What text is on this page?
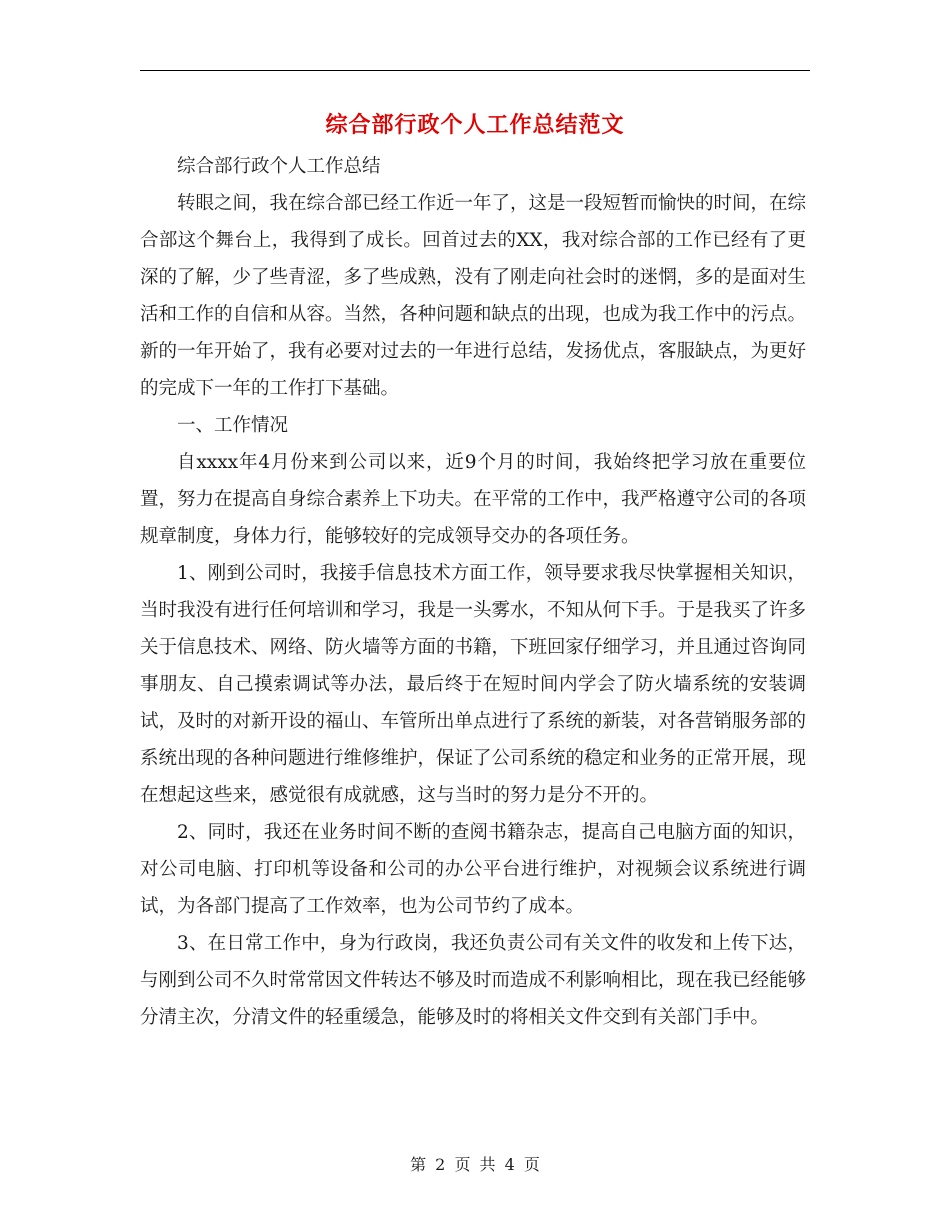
综合部行政个人工作总结范文

综合部行政个人工作总结

转眼之间，我在综合部已经工作近一年了，这是一段短暂而愉快的时间，在综合部这个舞台上，我得到了成长。回首过去的XX，我对综合部的工作已经有了更深的了解，少了些青涩，多了些成熟，没有了刚走向社会时的迷惘，多的是面对生活和工作的自信和从容。当然，各种问题和缺点的出现，也成为我工作中的污点。新的一年开始了，我有必要对过去的一年进行总结，发扬优点，客服缺点，为更好的完成下一年的工作打下基础。

一、工作情况

自xxxx年4月份来到公司以来，近9个月的时间，我始终把学习放在重要位置，努力在提高自身综合素养上下功夫。在平常的工作中，我严格遵守公司的各项规章制度，身体力行，能够较好的完成领导交办的各项任务。

1、刚到公司时，我接手信息技术方面工作，领导要求我尽快掌握相关知识，当时我没有进行任何培训和学习，我是一头雾水，不知从何下手。于是我买了许多关于信息技术、网络、防火墙等方面的书籍，下班回家仔细学习，并且通过咨询同事朋友、自己摸索调试等办法，最后终于在短时间内学会了防火墙系统的安装调试，及时的对新开设的福山、车管所出单点进行了系统的新装，对各营销服务部的系统出现的各种问题进行维修维护，保证了公司系统的稳定和业务的正常开展，现在想起这些来，感觉很有成就感，这与当时的努力是分不开的。

2、同时，我还在业务时间不断的查阅书籍杂志，提高自己电脑方面的知识，对公司电脑、打印机等设备和公司的办公平台进行维护，对视频会议系统进行调试，为各部门提高了工作效率，也为公司节约了成本。

3、在日常工作中，身为行政岗，我还负责公司有关文件的收发和上传下达，与刚到公司不久时常常因文件转达不够及时而造成不利影响相比，现在我已经能够分清主次，分清文件的轻重缓急，能够及时的将相关文件交到有关部门手中。

第 2 页 共 4 页
